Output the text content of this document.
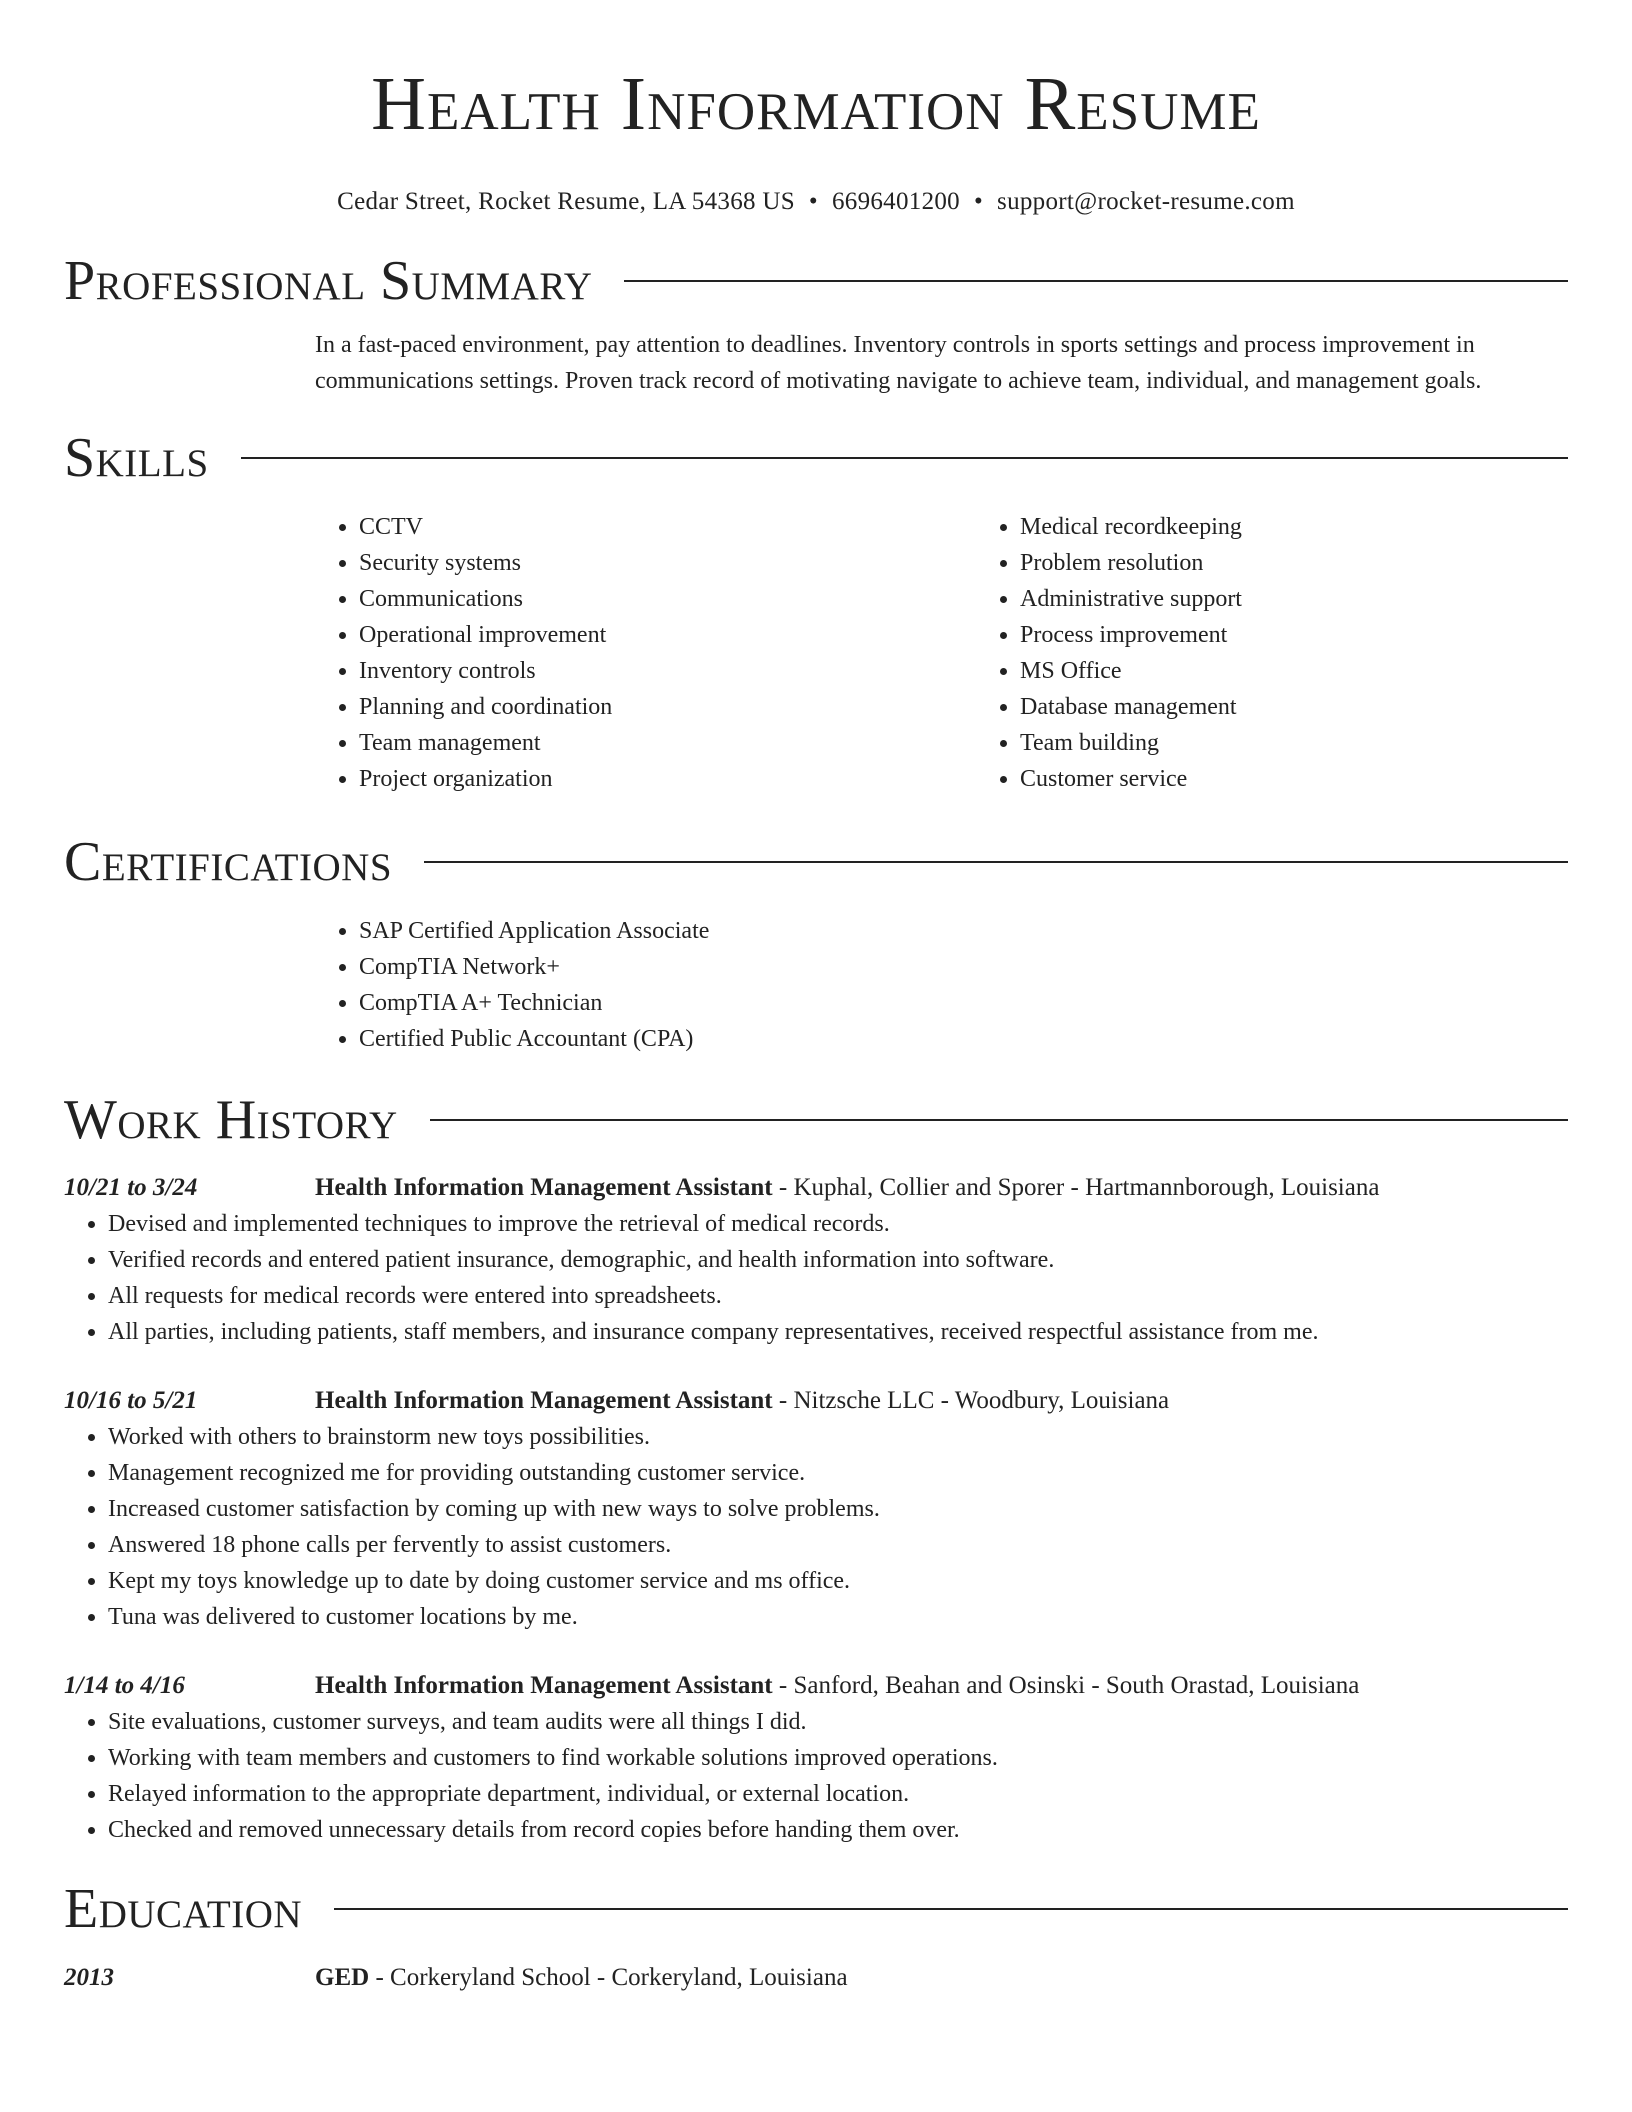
Health Information Resume
Cedar Street, Rocket Resume, LA 54368 US • 6696401200 • support@rocket-resume.com
Professional Summary

In a fast-paced environment, pay attention to deadlines. Inventory controls in sports settings and process improvement in communications settings. Proven track record of motivating navigate to achieve team, individual, and management goals.

Skills
• CCTV
• Security systems
• Communications
• Operational improvement
• Inventory controls
• Planning and coordination
• Team management
• Project organization
• Medical recordkeeping
• Problem resolution
• Administrative support
• Process improvement
• MS Office
• Database management
• Team building
• Customer service
Certifications
• SAP Certified Application Associate
• CompTIA Network+
• CompTIA A+ Technician
• Certified Public Accountant (CPA)
Work History
10/21 to 3/24	Health Information Management Assistant - Kuphal, Collier and Sporer - Hartmannborough, Louisiana
• Devised and implemented techniques to improve the retrieval of medical records.
• Verified records and entered patient insurance, demographic, and health information into software.
• All requests for medical records were entered into spreadsheets.
• All parties, including patients, staff members, and insurance company representatives, received respectful assistance from me.
10/16 to 5/21	Health Information Management Assistant - Nitzsche LLC - Woodbury, Louisiana
• Worked with others to brainstorm new toys possibilities.
• Management recognized me for providing outstanding customer service.
• Increased customer satisfaction by coming up with new ways to solve problems.
• Answered 18 phone calls per fervently to assist customers.
• Kept my toys knowledge up to date by doing customer service and ms office.
• Tuna was delivered to customer locations by me.
1/14 to 4/16	Health Information Management Assistant - Sanford, Beahan and Osinski - South Orastad, Louisiana
• Site evaluations, customer surveys, and team audits were all things I did.
• Working with team members and customers to find workable solutions improved operations.
• Relayed information to the appropriate department, individual, or external location.
• Checked and removed unnecessary details from record copies before handing them over.
Education
2013	GED - Corkeryland School - Corkeryland, Louisiana
